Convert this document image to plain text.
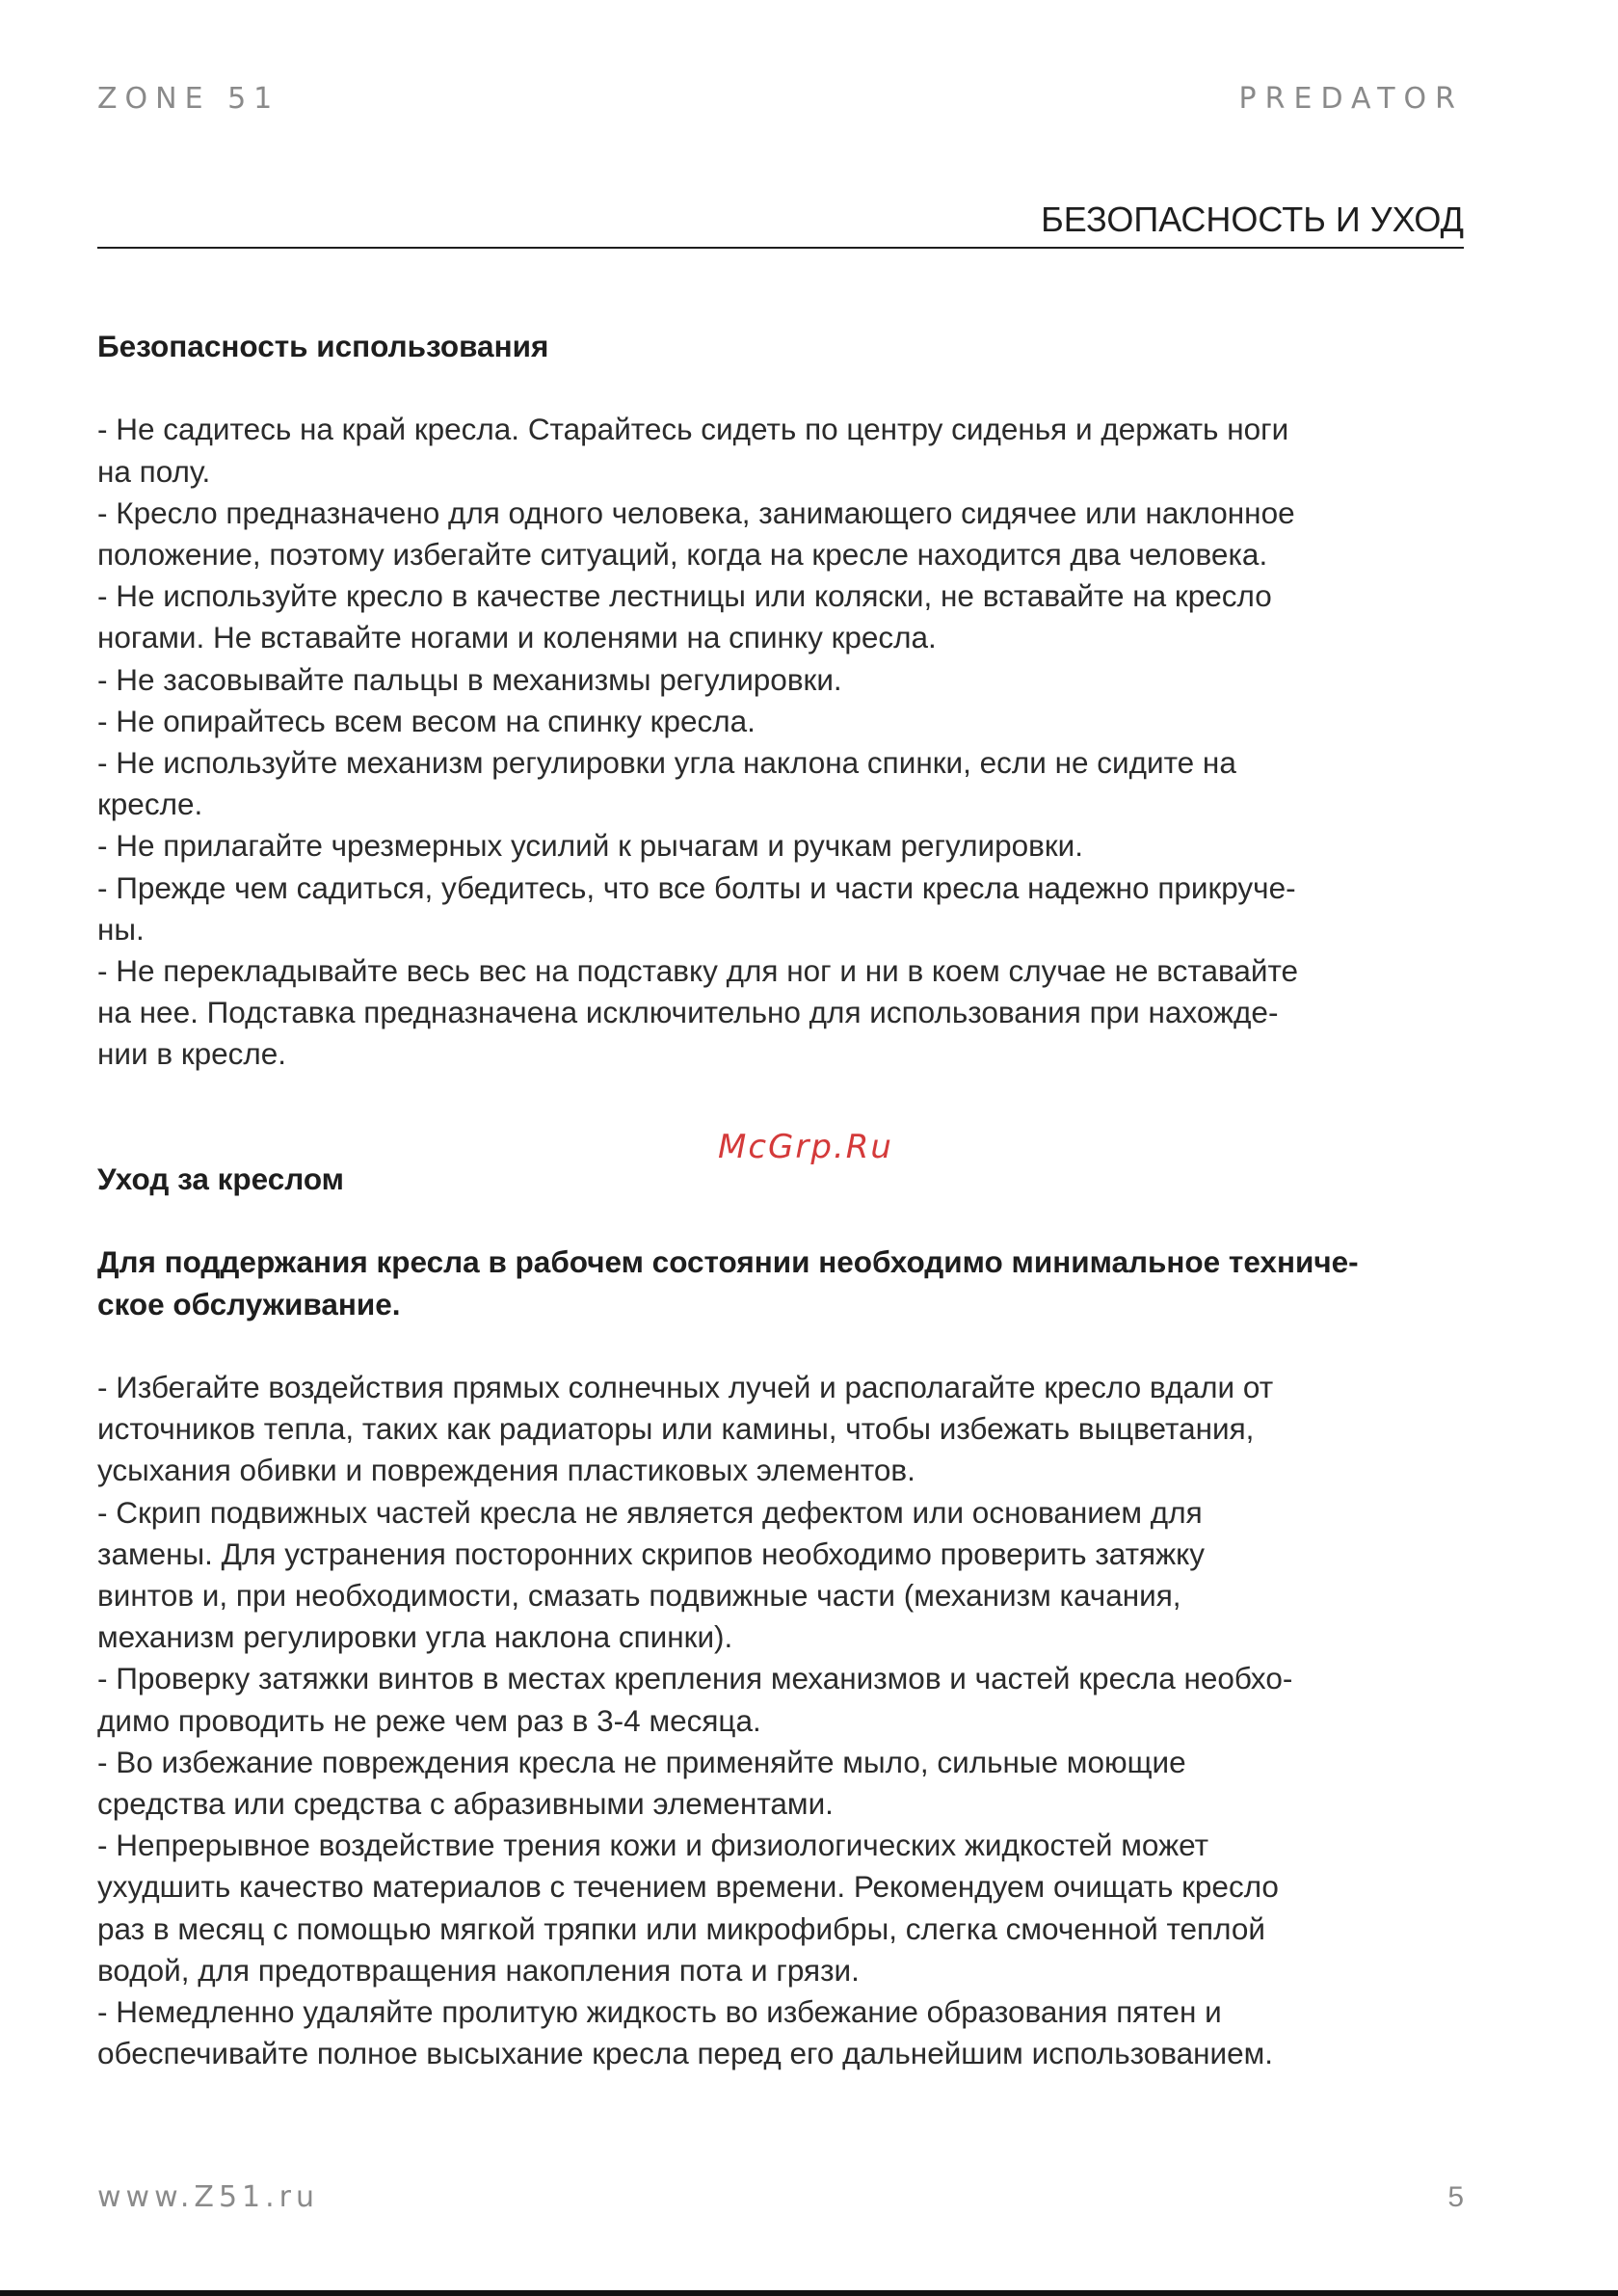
ZONE 51	PREDATOR
БЕЗОПАСНОСТЬ И УХОД
Безопасность использования
- Не садитесь на край кресла. Старайтесь сидеть по центру сиденья и держать ноги
на полу.
- Кресло предназначено для одного человека, занимающего сидячее или наклонное
положение, поэтому избегайте ситуаций, когда на кресле находится два человека.
- Не используйте кресло в качестве лестницы или коляски, не вставайте на кресло
ногами. Не вставайте ногами и коленями на спинку кресла.
- Не засовывайте пальцы в механизмы регулировки.
- Не опирайтесь всем весом на спинку кресла.
- Не используйте механизм регулировки угла наклона спинки, если не сидите на
кресле.
- Не прилагайте чрезмерных усилий к рычагам и ручкам регулировки.
- Прежде чем садиться, убедитесь, что все болты и части кресла надежно прикруче-
ны.
- Не перекладывайте весь вес на подставку для ног и ни в коем случае не вставайте
на нее. Подставка предназначена исключительно для использования при нахожде-
нии в кресле.
Уход за креслом
Для поддержания кресла в рабочем состоянии необходимо минимальное техниче-
ское обслуживание.
- Избегайте воздействия прямых солнечных лучей и располагайте кресло вдали от
источников тепла, таких как радиаторы или камины, чтобы избежать выцветания,
усыхания обивки и повреждения пластиковых элементов.
- Скрип подвижных частей кресла не является дефектом или основанием для
замены. Для устранения посторонних скрипов необходимо проверить затяжку
винтов и, при необходимости, смазать подвижные части (механизм качания,
механизм регулировки угла наклона спинки).
- Проверку затяжки винтов в местах крепления механизмов и частей кресла необхо-
димо проводить не реже чем раз в 3-4 месяца.
- Во избежание повреждения кресла не применяйте мыло, сильные моющие
средства или средства с абразивными элементами.
- Непрерывное воздействие трения кожи и физиологических жидкостей может
ухудшить качество материалов с течением времени. Рекомендуем очищать кресло
раз в месяц с помощью мягкой тряпки или микрофибры, слегка смоченной теплой
водой, для предотвращения накопления пота и грязи.
- Немедленно удаляйте пролитую жидкость во избежание образования пятен и
обеспечивайте полное высыхание кресла перед его дальнейшим использованием.
McGrp.Ru
www.Z51.ru	5
